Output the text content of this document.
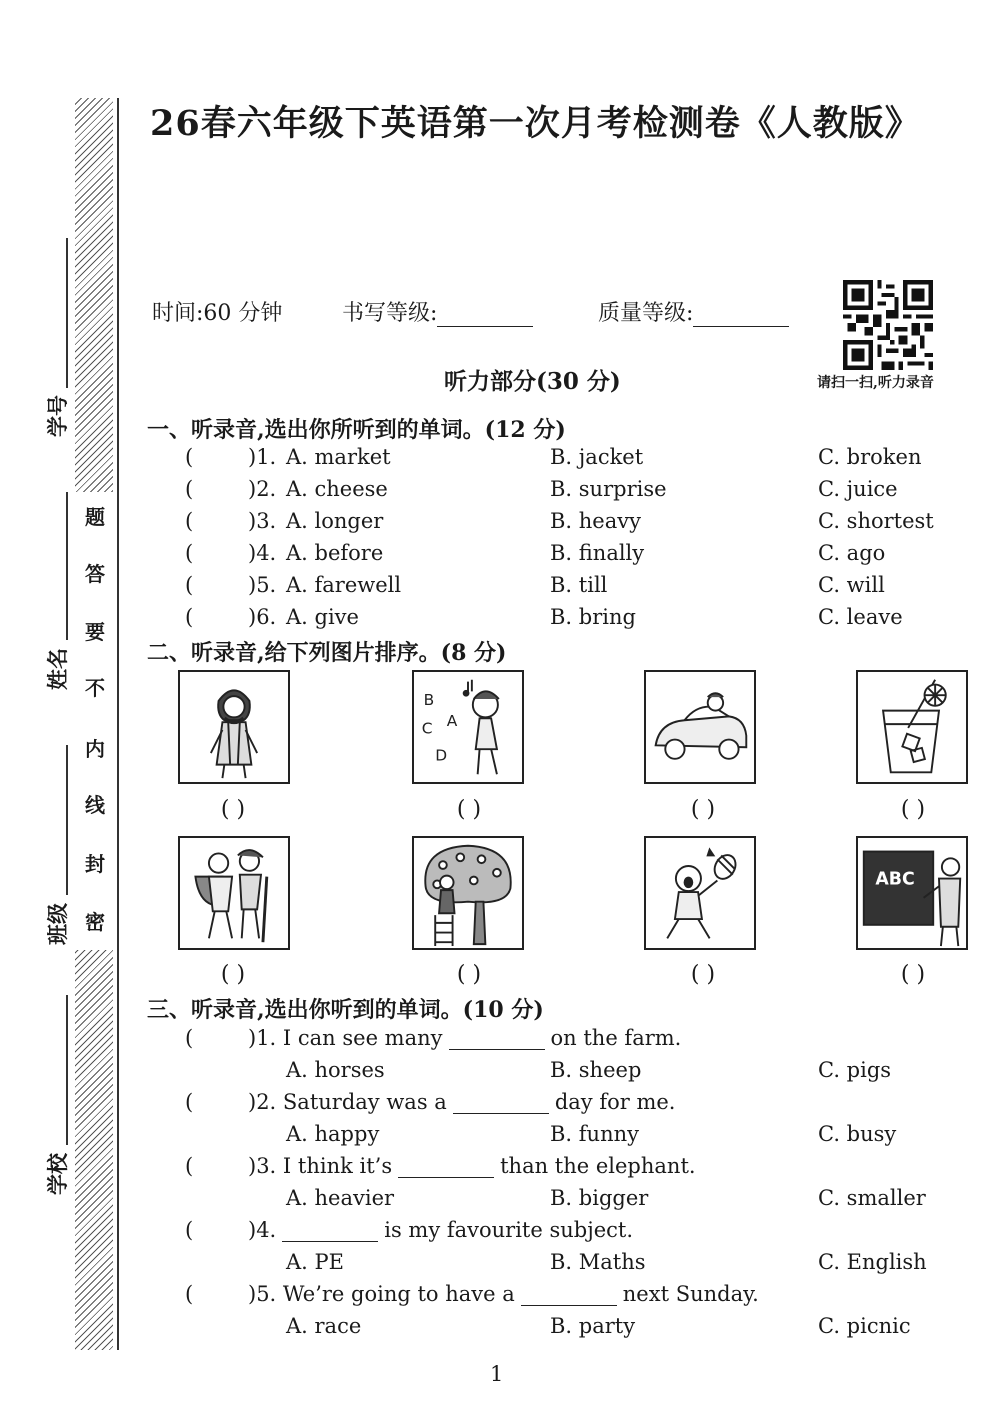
题
答
要
不
内
线
封
密
学号
姓名
班级
学校
26春六年级下英语第一次月考检测卷《人教版》
时间:60 分钟	书写等级:	质量等级:
请扫一扫,听力录音
听力部分(30 分)
一、听录音,选出你所听到的单词。(12 分)
(	)1. A. market	B. jacket	C. broken
(	)2. A. cheese	B. surprise	C. juice
(	)3. A. longer	B. heavy	C. shortest
(	)4. A. before	B. finally	C. ago
(	)5. A. farewell	B. till	C. will
(	)6. A. give	B. bring	C. leave
二、听录音,给下列图片排序。(8 分)
B
C A
D
( )	( )	( )	( )
ABC
( )	( )	( )	( )
三、听录音,选出你听到的单词。(10 分)
(	)1. I can see many	on the farm.
A. horses	B. sheep	C. pigs
(	)2. Saturday was a	day for me.
A. happy	B. funny	C. busy
(	)3. I think it’s	than the elephant.
A. heavier	B. bigger	C. smaller
(	)4.	is my favourite subject.
A. PE	B. Maths	C. English
(	)5. We’re going to have a	next Sunday.
A. race	B. party	C. picnic
1
